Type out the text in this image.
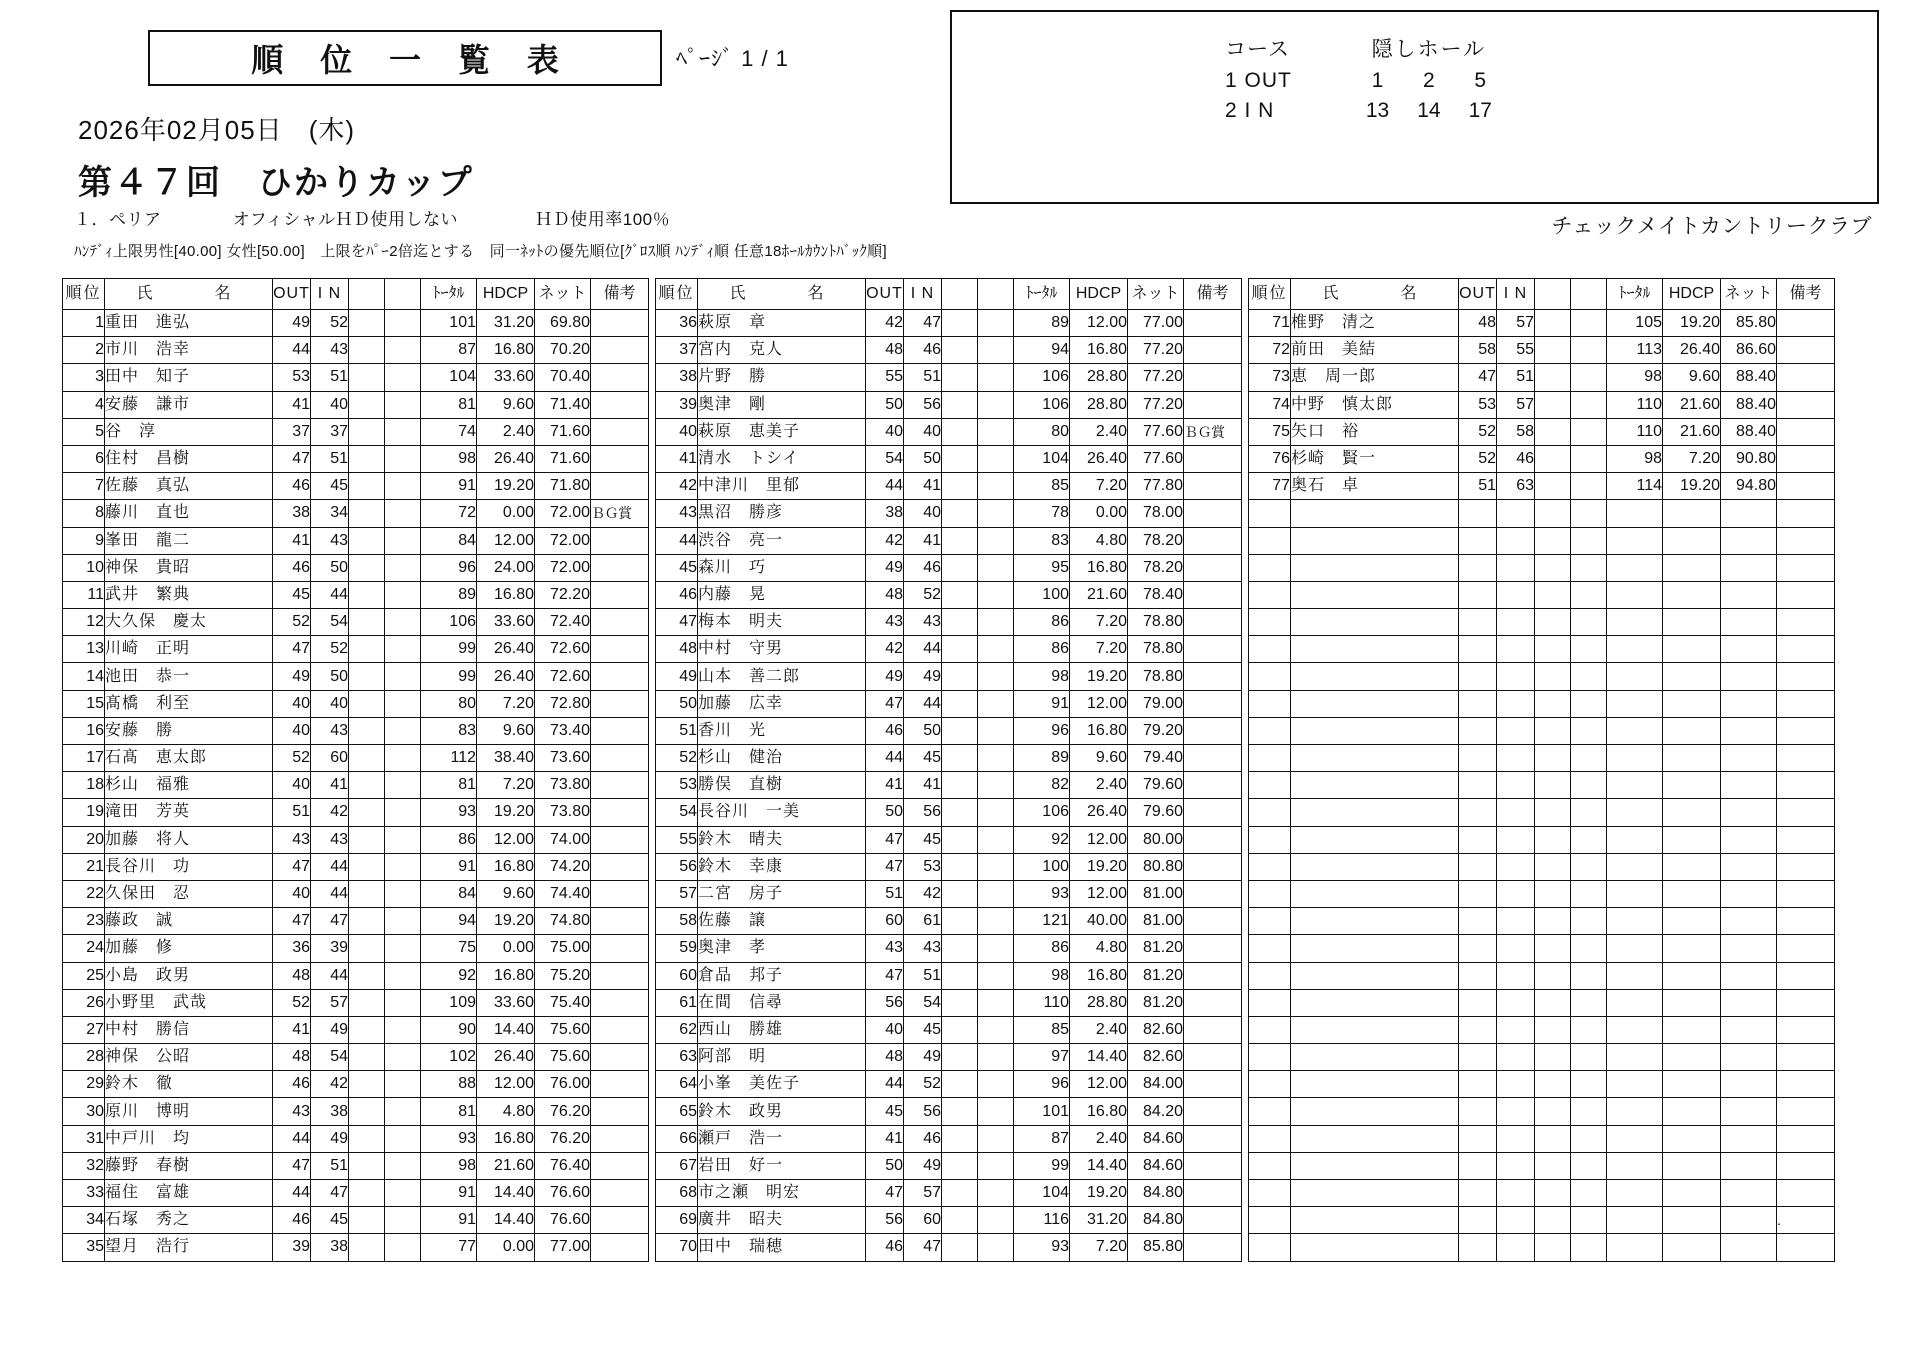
順 位 一 覧 表	ﾍﾟｰｼﾞ 1 / 1
2026年02月05日 (木)
第４７回　ひかりカップ
１．ペリア	オフィシャルＨＤ使用しない	ＨＤ使用率100％
ﾊﾝﾃﾞｨ上限男性[40.00] 女性[50.00]　上限をﾊﾟｰ2倍迄とする　同一ﾈｯﾄの優先順位[ｸﾞﾛｽ順 ﾊﾝﾃﾞｨ順 任意18ﾎｰﾙｶｳﾝﾄﾊﾞｯｸ順]
コース	隠しホール		
1 OUT	1	2	5
2 I N	13	14	17
チェックメイトカントリークラブ
順位	氏　　名	OUT	I N			ﾄｰﾀﾙ	HDCP	ネット	備考
1	重田　進弘	49	52			101	31.20	69.80	
2	市川　浩幸	44	43			87	16.80	70.20	
3	田中　知子	53	51			104	33.60	70.40	
4	安藤　謙市	41	40			81	9.60	71.40	
5	谷　淳	37	37			74	2.40	71.60	
6	住村　昌樹	47	51			98	26.40	71.60	
7	佐藤　真弘	46	45			91	19.20	71.80	
8	藤川　直也	38	34			72	0.00	72.00	ＢＧ賞
9	峯田　龍二	41	43			84	12.00	72.00	
10	神保　貴昭	46	50			96	24.00	72.00	
11	武井　繁典	45	44			89	16.80	72.20	
12	大久保　慶太	52	54			106	33.60	72.40	
13	川崎　正明	47	52			99	26.40	72.60	
14	池田　恭一	49	50			99	26.40	72.60	
15	髙橋　利至	40	40			80	7.20	72.80	
16	安藤　勝	40	43			83	9.60	73.40	
17	石髙　恵太郎	52	60			112	38.40	73.60	
18	杉山　福雅	40	41			81	7.20	73.80	
19	滝田　芳英	51	42			93	19.20	73.80	
20	加藤　将人	43	43			86	12.00	74.00	
21	長谷川　功	47	44			91	16.80	74.20	
22	久保田　忍	40	44			84	9.60	74.40	
23	藤政　誠	47	47			94	19.20	74.80	
24	加藤　修	36	39			75	0.00	75.00	
25	小島　政男	48	44			92	16.80	75.20	
26	小野里　武哉	52	57			109	33.60	75.40	
27	中村　勝信	41	49			90	14.40	75.60	
28	神保　公昭	48	54			102	26.40	75.60	
29	鈴木　徹	46	42			88	12.00	76.00	
30	原川　博明	43	38			81	4.80	76.20	
31	中戸川　均	44	49			93	16.80	76.20	
32	藤野　春樹	47	51			98	21.60	76.40	
33	福住　富雄	44	47			91	14.40	76.60	
34	石塚　秀之	46	45			91	14.40	76.60	
35	望月　浩行	39	38			77	0.00	77.00	
順位	氏　　名	OUT	I N			ﾄｰﾀﾙ	HDCP	ネット	備考
36	萩原　章	42	47			89	12.00	77.00	
37	宮内　克人	48	46			94	16.80	77.20	
38	片野　勝	55	51			106	28.80	77.20	
39	奥津　剛	50	56			106	28.80	77.20	
40	萩原　恵美子	40	40			80	2.40	77.60	ＢＧ賞
41	清水　トシイ	54	50			104	26.40	77.60	
42	中津川　里郁	44	41			85	7.20	77.80	
43	黒沼　勝彦	38	40			78	0.00	78.00	
44	渋谷　亮一	42	41			83	4.80	78.20	
45	森川　巧	49	46			95	16.80	78.20	
46	内藤　晃	48	52			100	21.60	78.40	
47	梅本　明夫	43	43			86	7.20	78.80	
48	中村　守男	42	44			86	7.20	78.80	
49	山本　善二郎	49	49			98	19.20	78.80	
50	加藤　広幸	47	44			91	12.00	79.00	
51	香川　光	46	50			96	16.80	79.20	
52	杉山　健治	44	45			89	9.60	79.40	
53	勝俣　直樹	41	41			82	2.40	79.60	
54	長谷川　一美	50	56			106	26.40	79.60	
55	鈴木　晴夫	47	45			92	12.00	80.00	
56	鈴木　幸康	47	53			100	19.20	80.80	
57	二宮　房子	51	42			93	12.00	81.00	
58	佐藤　譲	60	61			121	40.00	81.00	
59	奥津　孝	43	43			86	4.80	81.20	
60	倉品　邦子	47	51			98	16.80	81.20	
61	在間　信尋	56	54			110	28.80	81.20	
62	西山　勝雄	40	45			85	2.40	82.60	
63	阿部　明	48	49			97	14.40	82.60	
64	小峯　美佐子	44	52			96	12.00	84.00	
65	鈴木　政男	45	56			101	16.80	84.20	
66	瀬戸　浩一	41	46			87	2.40	84.60	
67	岩田　好一	50	49			99	14.40	84.60	
68	市之瀬　明宏	47	57			104	19.20	84.80	
69	廣井　昭夫	56	60			116	31.20	84.80	
70	田中　瑞穂	46	47			93	7.20	85.80	
順位	氏　　名	OUT	I N			ﾄｰﾀﾙ	HDCP	ネット	備考
71	椎野　清之	48	57			105	19.20	85.80	
72	前田　美結	58	55			113	26.40	86.60	
73	恵　周一郎	47	51			98	9.60	88.40	
74	中野　慎太郎	53	57			110	21.60	88.40	
75	矢口　裕	52	58			110	21.60	88.40	
76	杉崎　賢一	52	46			98	7.20	90.80	
77	奥石　卓	51	63			114	19.20	94.80	

									.
